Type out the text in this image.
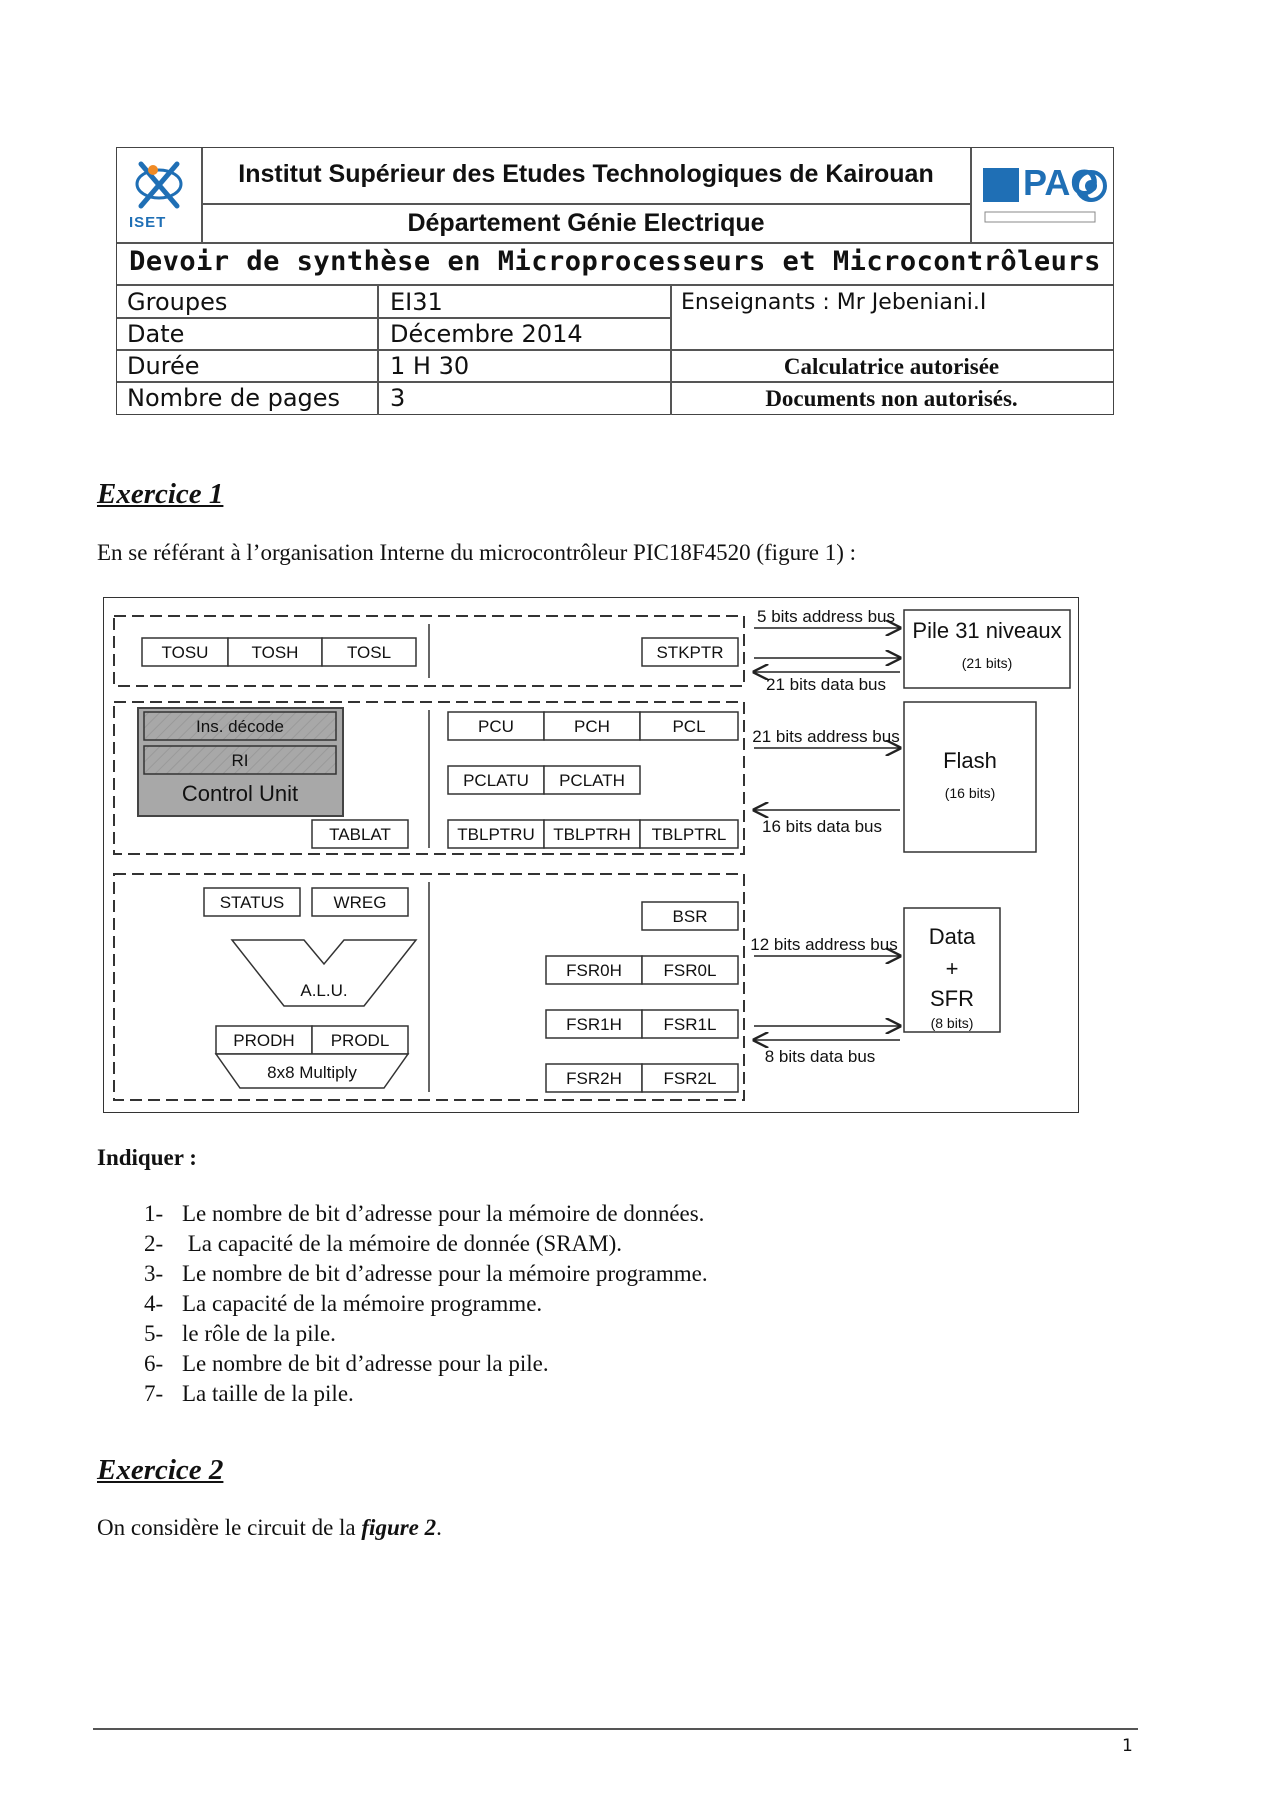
ISET
Institut Supérieur des Etudes Technologiques de Kairouan
Département Génie Electrique
PAQ
Devoir de synthèse en Microprocesseurs et Microcontrôleurs
Groupes	EI31
Date	Décembre 2014
Durée	1 H 30
Nombre de pages 3
Enseignants : Mr Jebeniani.I
Calculatrice autorisée
Documents non autorisés.
Exercice 1
En se référant à l’organisation Interne du microcontrôleur PIC18F4520 (figure 1) :
TOSU	TOSH	TOSL	STKPTR
Ins. décode
RI
Control Unit
PCU	PCH	PCL
PCLATU PCLATH
TABLAT	TBLPTRU TBLPTRH TBLPTRL
STATUS	WREG
A.L.U.
PRODH PRODL
8x8 Multiply
BSR
FSR0H FSR0L
FSR1H FSR1L
FSR2H FSR2L
5 bits address bus
21 bits data bus
21 bits address bus
16 bits data bus
12 bits address bus
8 bits data bus
Pile 31 niveaux
(21 bits)
Flash
(16 bits)
Data
+
SFR
(8 bits)
Indiquer :
1- Le nombre de bit d’adresse pour la mémoire de données.
2- La capacité de la mémoire de donnée (SRAM).
3- Le nombre de bit d’adresse pour la mémoire programme.
4- La capacité de la mémoire programme.
5- le rôle de la pile.
6- Le nombre de bit d’adresse pour la pile.
7- La taille de la pile.
Exercice 2
On considère le circuit de la figure 2.
1
